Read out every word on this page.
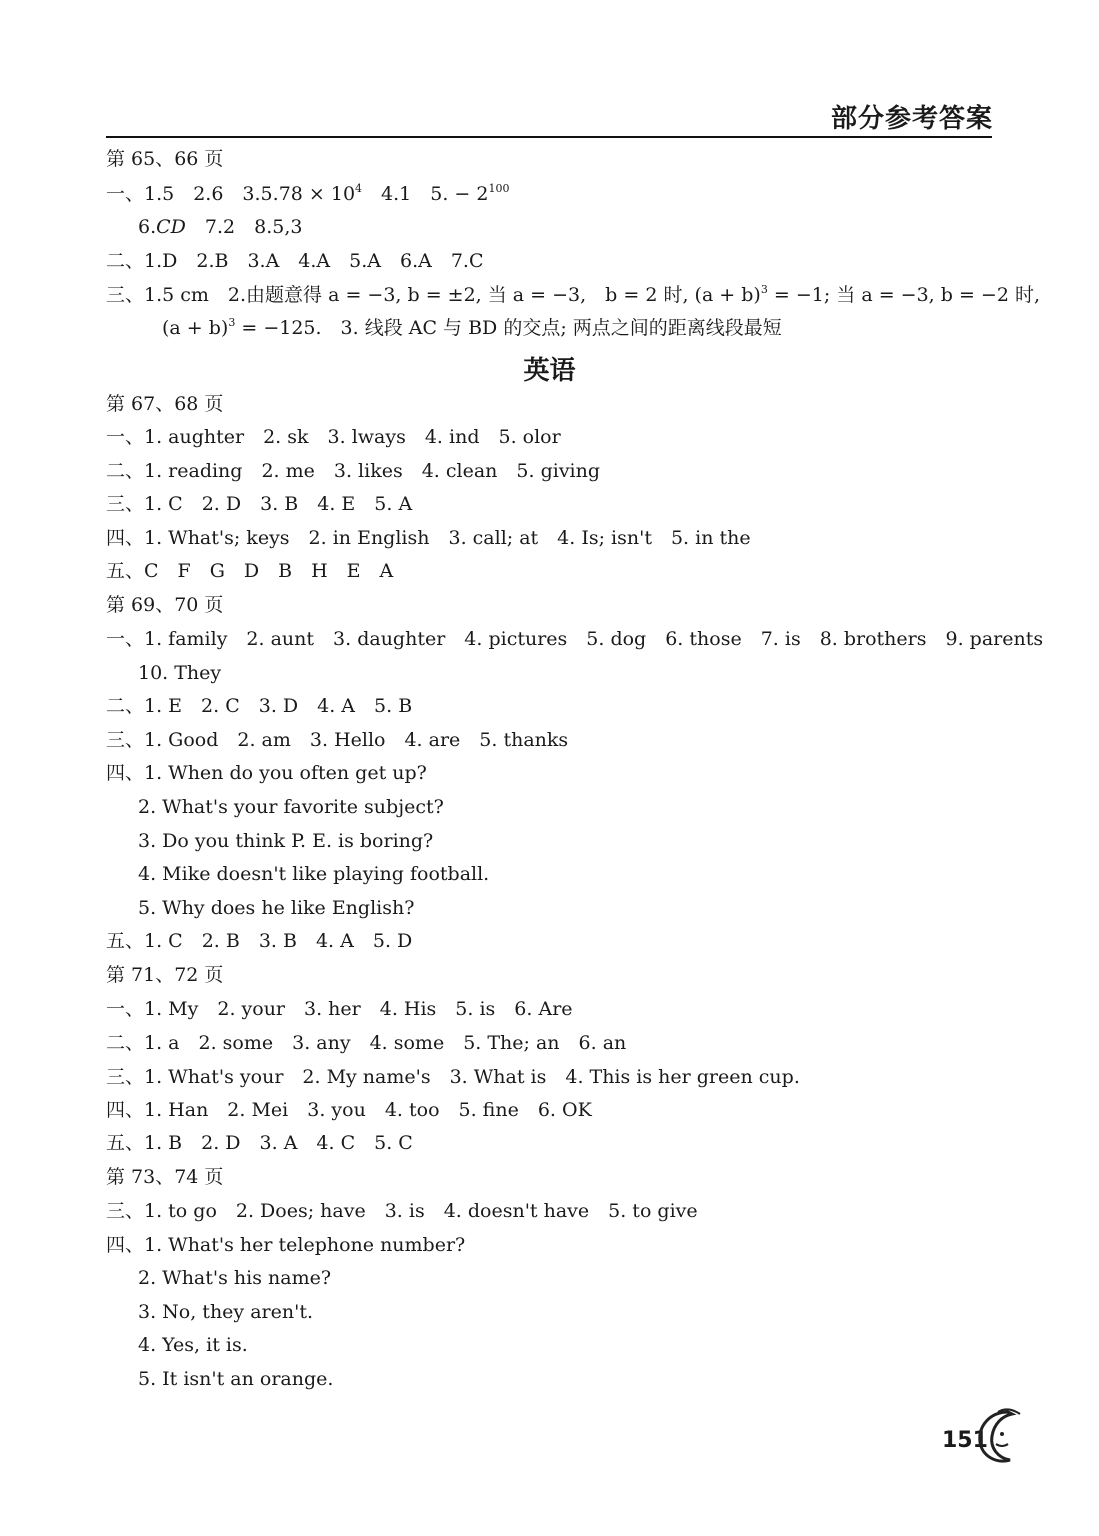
部分参考答案
第 65、66 页
一、1.5　2.6　$3.5.78 \times 10^4$　4.1　5. − $2^{100}$
6.CD　7.2　8.5,3
二、1.D　2.B　3.A　4.A　5.A　6.A　7.C
三、1.5 cm　2.由题意得 a = −3, b = ±2, 当 a = −3,　b = 2 时, $(a + b)^3 = -1$; 当 a = −3, b = −2 时,
$(a + b)^3 = -125$.　3. 线段 AC 与 BD 的交点; 两点之间的距离线段最短
英语
第 67、68 页
一、1. aughter　2. sk　3. lways　4. ind　5. olor
二、1. reading　2. me　3. likes　4. clean　5. giving
三、1. C　2. D　3. B　4. E　5. A
四、1. What's; keys　2. in English　3. call; at　4. Is; isn't　5. in the
五、C　F　G　D　B　H　E　A
第 69、70 页
一、1. family　2. aunt　3. daughter　4. pictures　5. dog　6. those　7. is　8. brothers　9. parents
10. They
二、1. E　2. C　3. D　4. A　5. B
三、1. Good　2. am　3. Hello　4. are　5. thanks
四、1. When do you often get up?
2. What's your favorite subject?
3. Do you think P. E. is boring?
4. Mike doesn't like playing football.
5. Why does he like English?
五、1. C　2. B　3. B　4. A　5. D
第 71、72 页
一、1. My　2. your　3. her　4. His　5. is　6. Are
二、1. a　2. some　3. any　4. some　5. The; an　6. an
三、1. What's your　2. My name's　3. What is　4. This is her green cup.
四、1. Han　2. Mei　3. you　4. too　5. fine　6. OK
五、1. B　2. D　3. A　4. C　5. C
第 73、74 页
三、1. to go　2. Does; have　3. is　4. doesn't have　5. to give
四、1. What's her telephone number?
2. What's his name?
3. No, they aren't.
4. Yes, it is.
5. It isn't an orange.
151
